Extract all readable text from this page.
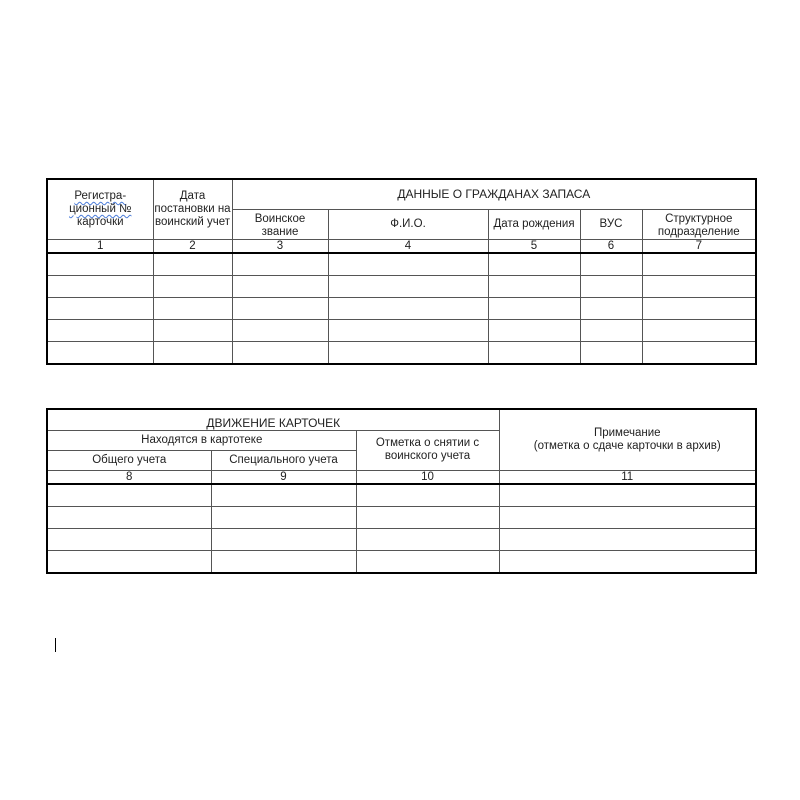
Регистра-
ционный №
карточки	Дата постановки на воинский учет	ДАННЫЕ О ГРАЖДАНАХ ЗАПАСА				
		Воинское звание	Ф.И.О.	Дата рождения	ВУС	Структурное подразделение
1	2	3	4	5	6	7

ДВИЖЕНИЕ КАРТОЧЕК			Примечание
(отметка о сдаче карточки в архив)
Находятся в картотеке		Отметка о снятии с воинского учета	
Общего учета	Специального учета		
8	9	10	11
